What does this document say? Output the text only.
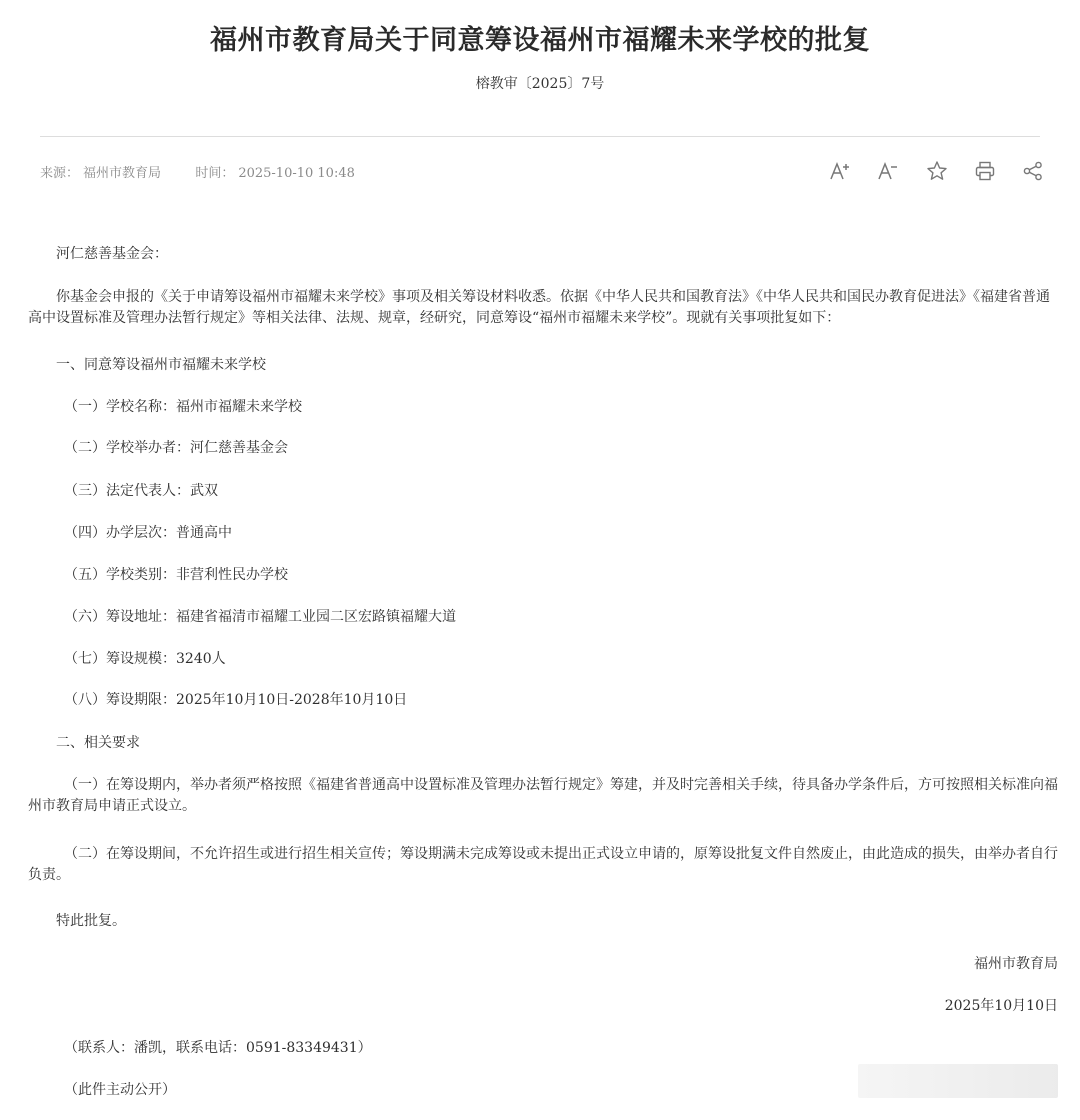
福州市教育局关于同意筹设福州市福耀未来学校的批复
榕教审〔2025〕7号
来源： 福州市教育局	时间： 2025-10-10 10:48
河仁慈善基金会：
你基金会申报的《关于申请筹设福州市福耀未来学校》事项及相关筹设材料收悉。依据《中华人民共和国教育法》《中华人民共和国民办教育促进法》《福建省普通高中设置标准及管理办法暂行规定》等相关法律、法规、规章，经研究，同意筹设“福州市福耀未来学校”。现就有关事项批复如下：
一、同意筹设福州市福耀未来学校
（一）学校名称：福州市福耀未来学校
（二）学校举办者：河仁慈善基金会
（三）法定代表人：武双
（四）办学层次：普通高中
（五）学校类别：非营利性民办学校
（六）筹设地址：福建省福清市福耀工业园二区宏路镇福耀大道
（七）筹设规模：3240人
（八）筹设期限：2025年10月10日-2028年10月10日
二、相关要求
（一）在筹设期内，举办者须严格按照《福建省普通高中设置标准及管理办法暂行规定》筹建，并及时完善相关手续，待具备办学条件后，方可按照相关标准向福州市教育局申请正式设立。
（二）在筹设期间，不允许招生或进行招生相关宣传；筹设期满未完成筹设或未提出正式设立申请的，原筹设批复文件自然废止，由此造成的损失，由举办者自行负责。
特此批复。
福州市教育局
2025年10月10日
（联系人：潘凯，联系电话：0591-83349431）
（此件主动公开）
